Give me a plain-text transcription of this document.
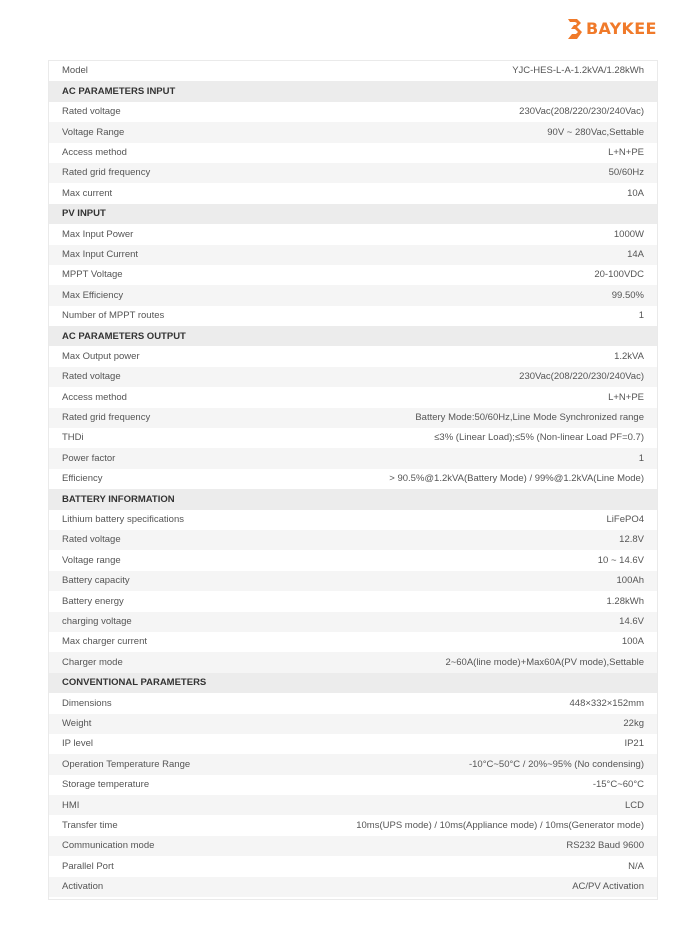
BAYKEE
Model	YJC-HES-L-A-1.2kVA/1.28kWh
AC PARAMETERS INPUT	
Rated voltage	230Vac(208/220/230/240Vac)
Voltage Range	90V ~ 280Vac,Settable
Access method	L+N+PE
Rated grid frequency	50/60Hz
Max current	10A
PV INPUT	
Max Input Power	1000W
Max Input Current	14A
MPPT Voltage	20-100VDC
Max Efficiency	99.50%
Number of MPPT routes	1
AC PARAMETERS OUTPUT	
Max Output power	1.2kVA
Rated voltage	230Vac(208/220/230/240Vac)
Access method	L+N+PE
Rated grid frequency	Battery Mode:50/60Hz,Line Mode Synchronized range
THDi	≤3% (Linear Load);≤5% (Non-linear Load PF=0.7)
Power factor	1
Efficiency	> 90.5%@1.2kVA(Battery Mode) / 99%@1.2kVA(Line Mode)
BATTERY INFORMATION	
Lithium battery specifications	LiFePO4
Rated voltage	12.8V
Voltage range	10 ~ 14.6V
Battery capacity	100Ah
Battery energy	1.28kWh
charging voltage	14.6V
Max charger current	100A
Charger mode	2~60A(line mode)+Max60A(PV mode),Settable
CONVENTIONAL PARAMETERS	
Dimensions	448×332×152mm
Weight	22kg
IP level	IP21
Operation Temperature Range	-10°C~50°C / 20%~95% (No condensing)
Storage temperature	-15°C~60°C
HMI	LCD
Transfer time	10ms(UPS mode) / 10ms(Appliance mode) / 10ms(Generator mode)
Communication mode	RS232 Baud 9600
Parallel Port	N/A
Activation	AC/PV Activation
